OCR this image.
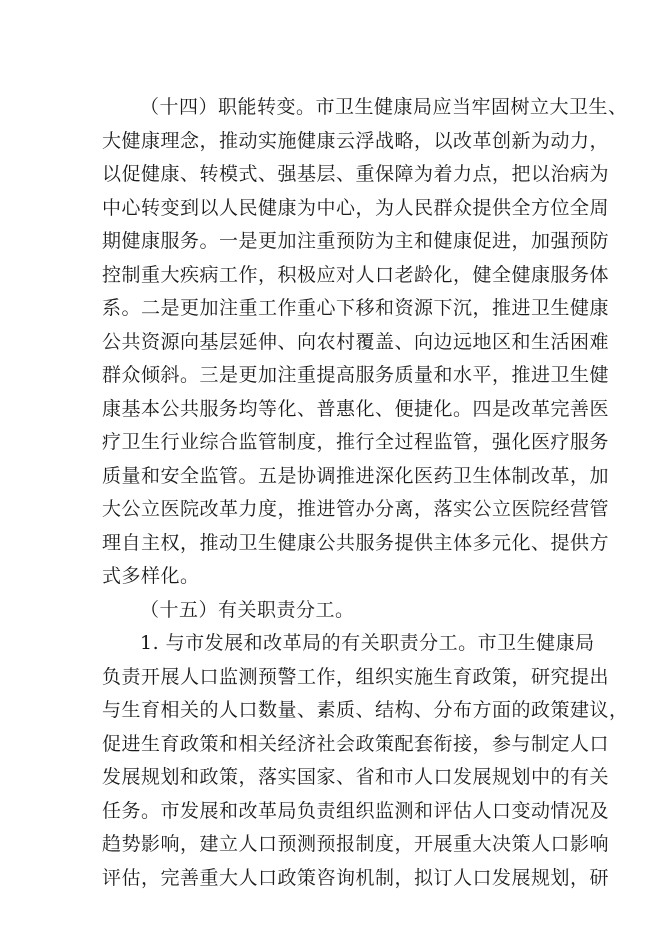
（十四）职能转变。市卫生健康局应当牢固树立大卫生、
大健康理念，推动实施健康云浮战略，以改革创新为动力，
以促健康、转模式、强基层、重保障为着力点，把以治病为
中心转变到以人民健康为中心，为人民群众提供全方位全周
期健康服务。一是更加注重预防为主和健康促进，加强预防
控制重大疾病工作，积极应对人口老龄化，健全健康服务体
系。二是更加注重工作重心下移和资源下沉，推进卫生健康
公共资源向基层延伸、向农村覆盖、向边远地区和生活困难
群众倾斜。三是更加注重提高服务质量和水平，推进卫生健
康基本公共服务均等化、普惠化、便捷化。四是改革完善医
疗卫生行业综合监管制度，推行全过程监管，强化医疗服务
质量和安全监管。五是协调推进深化医药卫生体制改革，加
大公立医院改革力度，推进管办分离，落实公立医院经营管
理自主权，推动卫生健康公共服务提供主体多元化、提供方
式多样化。
（十五）有关职责分工。
1. 与市发展和改革局的有关职责分工。市卫生健康局
负责开展人口监测预警工作，组织实施生育政策，研究提出
与生育相关的人口数量、素质、结构、分布方面的政策建议，
促进生育政策和相关经济社会政策配套衔接，参与制定人口
发展规划和政策，落实国家、省和市人口发展规划中的有关
任务。市发展和改革局负责组织监测和评估人口变动情况及
趋势影响，建立人口预测预报制度，开展重大决策人口影响
评估，完善重大人口政策咨询机制，拟订人口发展规划，研
